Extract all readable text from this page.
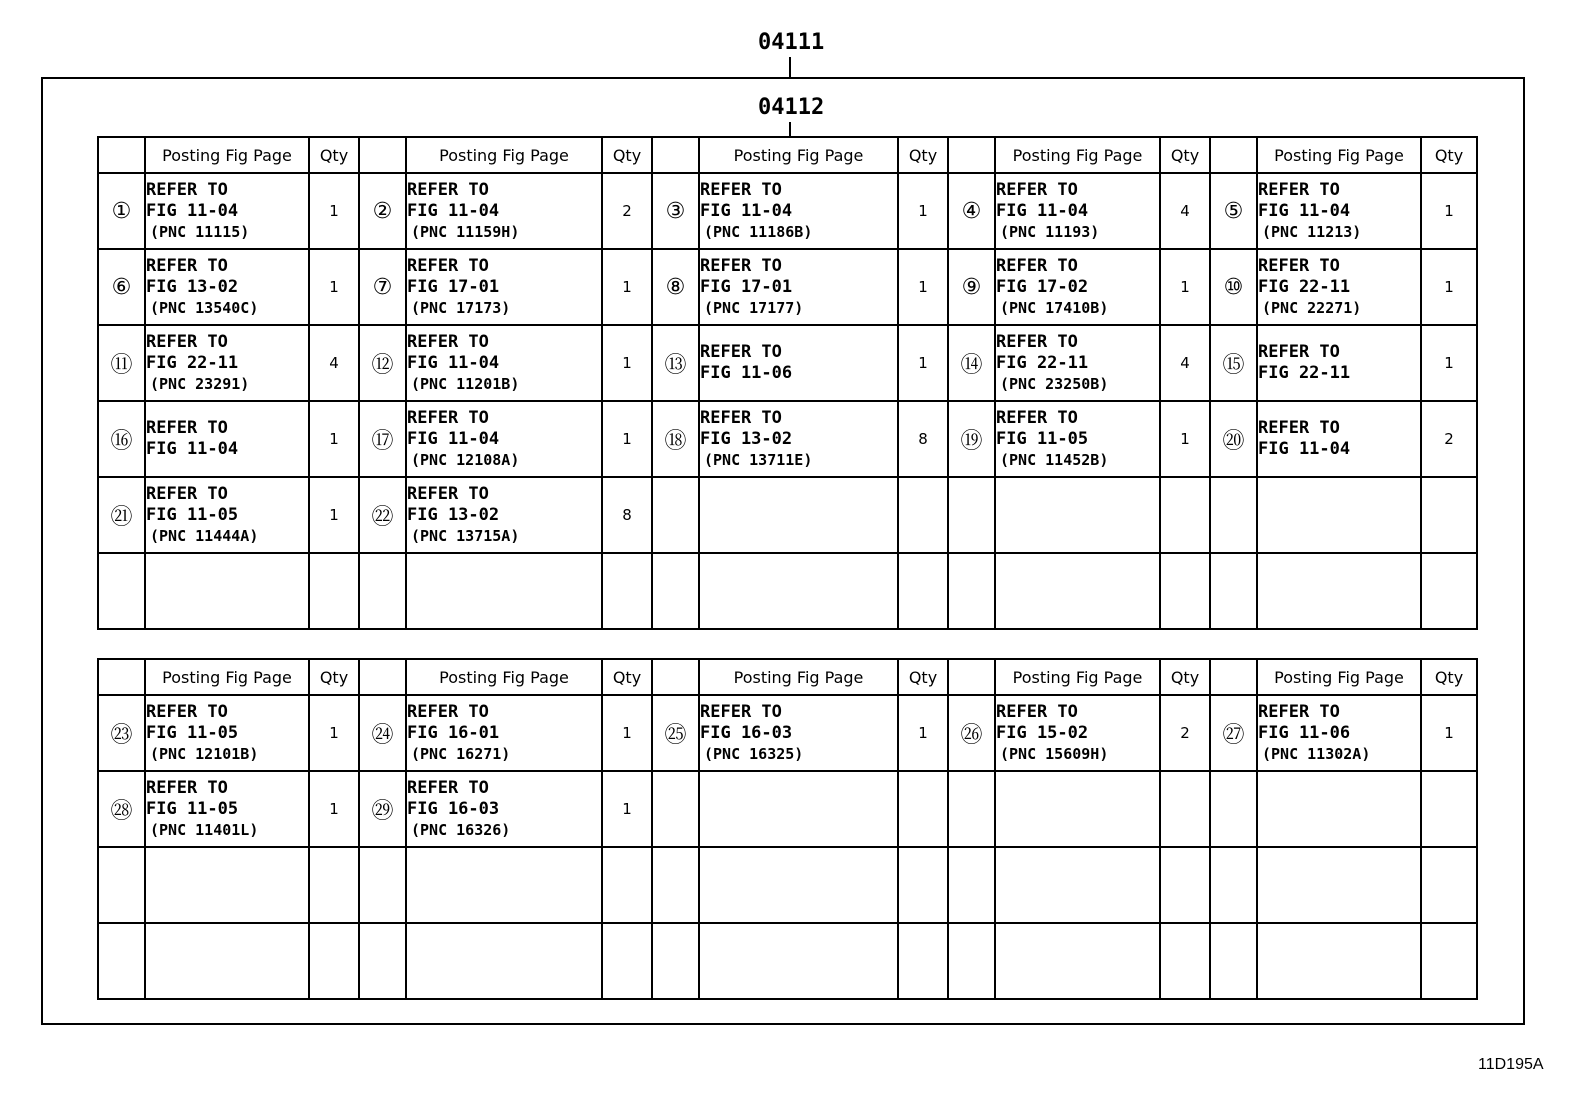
04111
04112
	Posting Fig Page	Qty		Posting Fig Page	Qty		Posting Fig Page	Qty		Posting Fig Page	Qty		Posting Fig Page	Qty
①	REFER TO
FIG 11-04
(PNC 11115)	1	②	REFER TO
FIG 11-04
(PNC 11159H)	2	③	REFER TO
FIG 11-04
(PNC 11186B)	1	④	REFER TO
FIG 11-04
(PNC 11193)	4	⑤	REFER TO
FIG 11-04
(PNC 11213)	1
⑥	REFER TO
FIG 13-02
(PNC 13540C)	1	⑦	REFER TO
FIG 17-01
(PNC 17173)	1	⑧	REFER TO
FIG 17-01
(PNC 17177)	1	⑨	REFER TO
FIG 17-02
(PNC 17410B)	1	⑩	REFER TO
FIG 22-11
(PNC 22271)	1
⑪	REFER TO
FIG 22-11
(PNC 23291)	4	⑫	REFER TO
FIG 11-04
(PNC 11201B)	1	⑬	REFER TO
FIG 11-06	1	⑭	REFER TO
FIG 22-11
(PNC 23250B)	4	⑮	REFER TO
FIG 22-11	1
⑯	REFER TO
FIG 11-04	1	⑰	REFER TO
FIG 11-04
(PNC 12108A)	1	⑱	REFER TO
FIG 13-02
(PNC 13711E)	8	⑲	REFER TO
FIG 11-05
(PNC 11452B)	1	⑳	REFER TO
FIG 11-04	2
㉑	REFER TO
FIG 11-05
(PNC 11444A)	1	㉒	REFER TO
FIG 13-02
(PNC 13715A)	8									

	Posting Fig Page	Qty		Posting Fig Page	Qty		Posting Fig Page	Qty		Posting Fig Page	Qty		Posting Fig Page	Qty
㉓	REFER TO
FIG 11-05
(PNC 12101B)	1	㉔	REFER TO
FIG 16-01
(PNC 16271)	1	㉕	REFER TO
FIG 16-03
(PNC 16325)	1	㉖	REFER TO
FIG 15-02
(PNC 15609H)	2	㉗	REFER TO
FIG 11-06
(PNC 11302A)	1
㉘	REFER TO
FIG 11-05
(PNC 11401L)	1	㉙	REFER TO
FIG 16-03
(PNC 16326)	1									

11D195A
